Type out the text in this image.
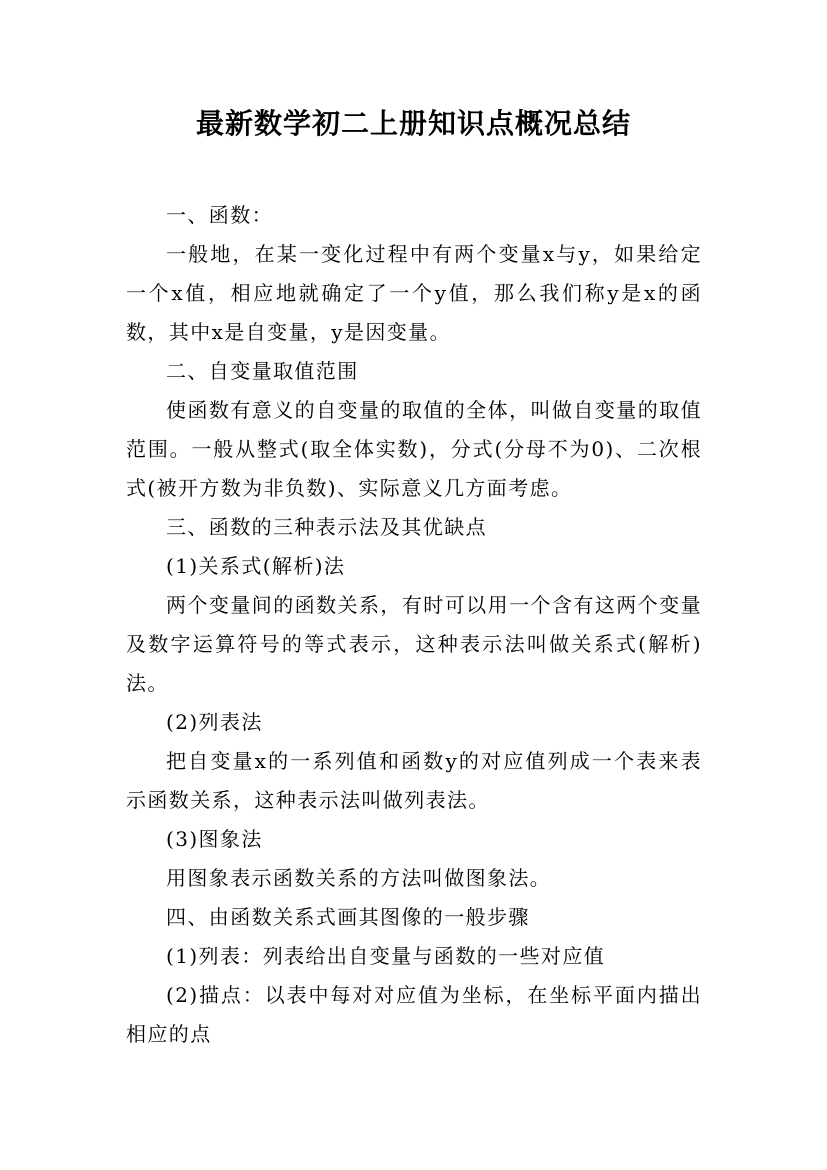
最新数学初二上册知识点概况总结

一、函数：

一般地，在某一变化过程中有两个变量x与y，如果给定一个x值，相应地就确定了一个y值，那么我们称y是x的函数，其中x是自变量，y是因变量。

二、自变量取值范围

使函数有意义的自变量的取值的全体，叫做自变量的取值范围。一般从整式(取全体实数)，分式(分母不为0)、二次根式(被开方数为非负数)、实际意义几方面考虑。

三、函数的三种表示法及其优缺点

(1)关系式(解析)法

两个变量间的函数关系，有时可以用一个含有这两个变量及数字运算符号的等式表示，这种表示法叫做关系式(解析)法。

(2)列表法

把自变量x的一系列值和函数y的对应值列成一个表来表示函数关系，这种表示法叫做列表法。

(3)图象法

用图象表示函数关系的方法叫做图象法。

四、由函数关系式画其图像的一般步骤

(1)列表：列表给出自变量与函数的一些对应值

(2)描点：以表中每对对应值为坐标，在坐标平面内描出相应的点
